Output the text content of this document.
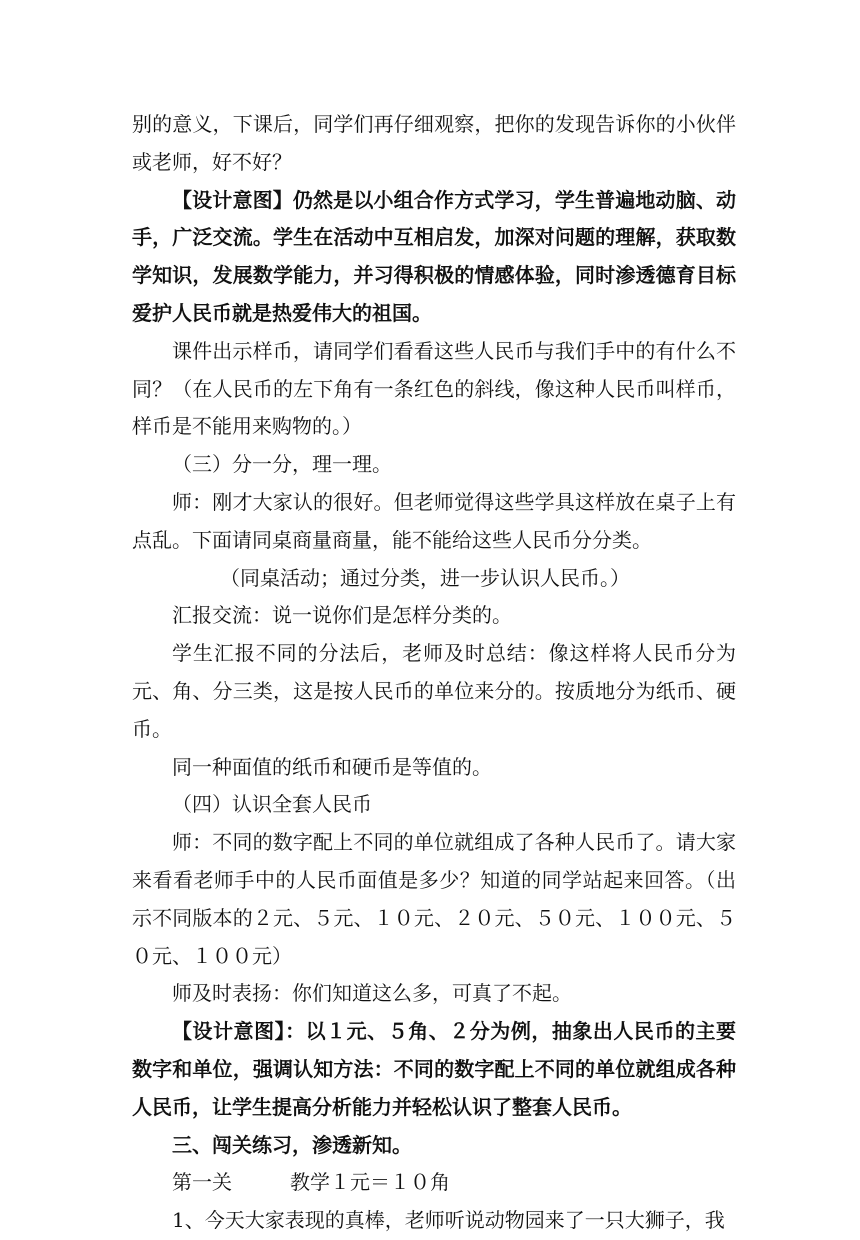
别的意义，下课后，同学们再仔细观察，把你的发现告诉你的小伙伴或老师，好不好？

【设计意图】仍然是以小组合作方式学习，学生普遍地动脑、动手，广泛交流。学生在活动中互相启发，加深对问题的理解，获取数学知识，发展数学能力，并习得积极的情感体验，同时渗透德育目标爱护人民币就是热爱伟大的祖国。

课件出示样币，请同学们看看这些人民币与我们手中的有什么不同？（在人民币的左下角有一条红色的斜线，像这种人民币叫样币，样币是不能用来购物的。）

（三）分一分，理一理。

师：刚才大家认的很好。但老师觉得这些学具这样放在桌子上有点乱。下面请同桌商量商量，能不能给这些人民币分分类。

（同桌活动；通过分类，进一步认识人民币。）

汇报交流：说一说你们是怎样分类的。

学生汇报不同的分法后，老师及时总结：像这样将人民币分为元、角、分三类，这是按人民币的单位来分的。按质地分为纸币、硬币。

同一种面值的纸币和硬币是等值的。

（四）认识全套人民币

师：不同的数字配上不同的单位就组成了各种人民币了。请大家来看看老师手中的人民币面值是多少？知道的同学站起来回答。（出示不同版本的２元、５元、１０元、２０元、５０元、１００元、５０元、１００元）

师及时表扬：你们知道这么多，可真了不起。

【设计意图】：以１元、５角、２分为例，抽象出人民币的主要数字和单位，强调认知方法：不同的数字配上不同的单位就组成各种人民币，让学生提高分析能力并轻松认识了整套人民币。

三、闯关练习，渗透新知。

第一关	教学１元＝１０角

1、今天大家表现的真棒，老师听说动物园来了一只大狮子，我
